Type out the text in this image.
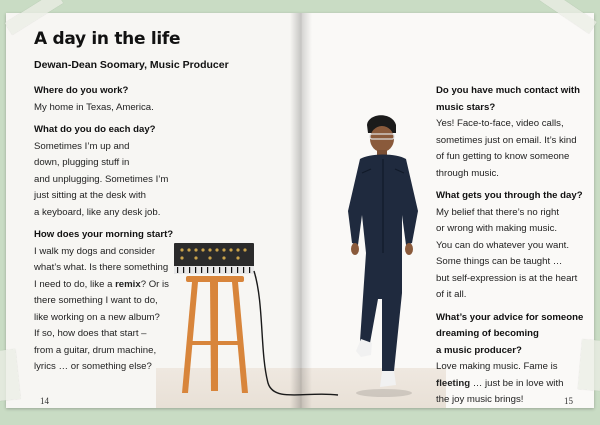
A day in the life
Dewan-Dean Soomary, Music Producer

Where do you work?

My home in Texas, America.

What do you do each day?

Sometimes I’m up and
down, plugging stuff in
and unplugging. Sometimes I’m
just sitting at the desk with
a keyboard, like any desk job.

How does your morning start?

I walk my dogs and consider
what’s what. Is there something
I need to do, like a remix? Or is
there something I want to do,
like working on a new album?
If so, how does that start –
from a guitar, drum machine,
lyrics … or something else?

Do you have much contact with
music stars?

Yes! Face-to-face, video calls,
sometimes just on email. It’s kind
of fun getting to know someone
through music.

What gets you through the day?

My belief that there’s no right
or wrong with making music.
You can do whatever you want.
Some things can be taught …
but self-expression is at the heart
of it all.

What’s your advice for someone
dreaming of becoming
a music producer?

Love making music. Fame is
fleeting … just be in love with
the joy music brings!

14	15
